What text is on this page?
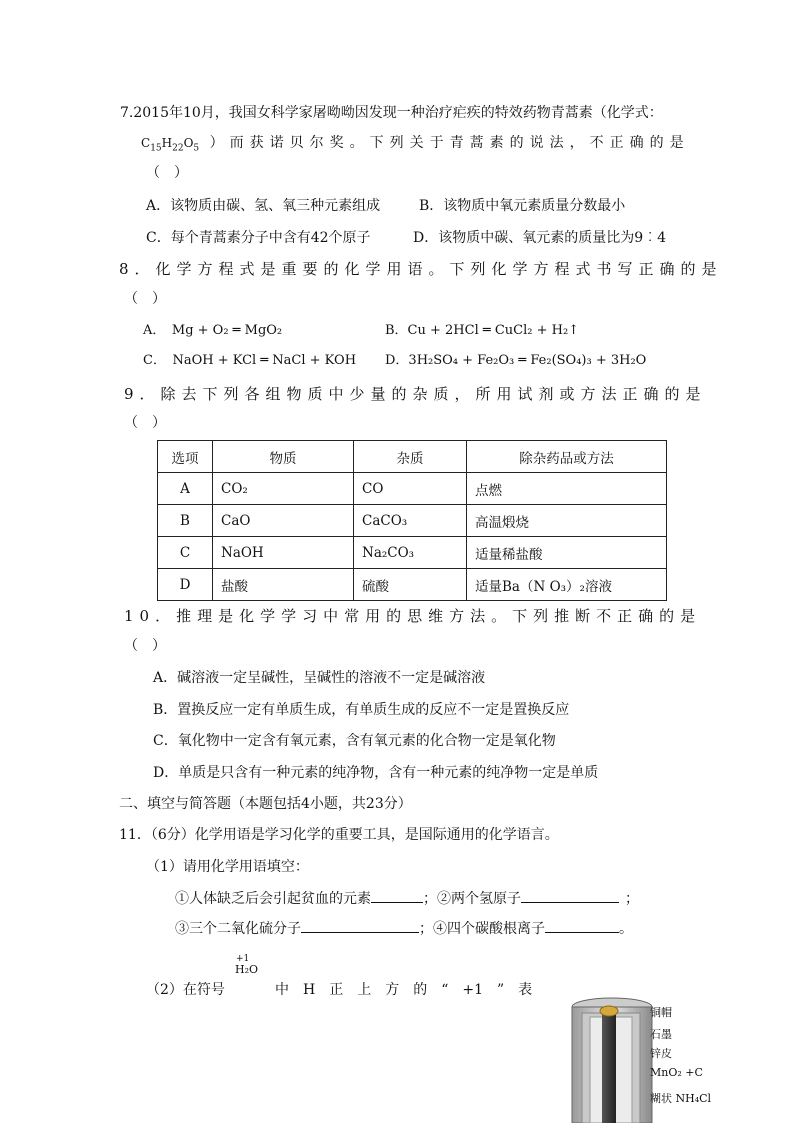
7.2015年10月，我国女科学家屠呦呦因发现一种治疗疟疾的特效药物青蒿素（化学式：
$C_{15}H_{22}O_5$ ）而获诺贝尔奖。下列关于青蒿素的说法，不正确的是
（　）
A．该物质由碳、氢、氧三种元素组成	B．该物质中氧元素质量分数最小
C．每个青蒿素分子中含有42个原子	D．该物质中碳、氧元素的质量比为9︰4
8．化学方程式是重要的化学用语。下列化学方程式书写正确的是
（　）
A．　Mg + O₂ ═ MgO₂	B．Cu + 2HCl ═ CuCl₂ + H₂↑
C．　NaOH + KCl ═ NaCl + KOH D．3H₂SO₄ + Fe₂O₃ ═ Fe₂(SO₄)₃ + 3H₂O
9．除去下列各组物质中少量的杂质，所用试剂或方法正确的是
（　）
选项	物质	杂质	除杂药品或方法
A	CO₂	CO	点燃
B	CaO	CaCO₃	高温煅烧
C	NaOH	Na₂CO₃	适量稀盐酸
D	盐酸	硫酸	适量Ba（N O₃）₂溶液
10．推理是化学学习中常用的思维方法。下列推断不正确的是
（　）
A．碱溶液一定呈碱性，呈碱性的溶液不一定是碱溶液
B．置换反应一定有单质生成，有单质生成的反应不一定是置换反应
C．氧化物中一定含有氧元素，含有氧元素的化合物一定是氧化物
D．单质是只含有一种元素的纯净物，含有一种元素的纯净物一定是单质
二、填空与简答题（本题包括4小题，共23分）
11．（6分）化学用语是学习化学的重要工具，是国际通用的化学语言。
（1）请用化学用语填空：
①人体缺乏后会引起贫血的元素	；②两个氢原子	；
③三个二氧化硫分子	；④四个碳酸根离子	。
+1
H₂O
（2）在符号	中　H　正　上　方　的　“　+1　”　表
铜帽
石墨
锌皮
MnO₂ +C
糊状 NH₄Cl
